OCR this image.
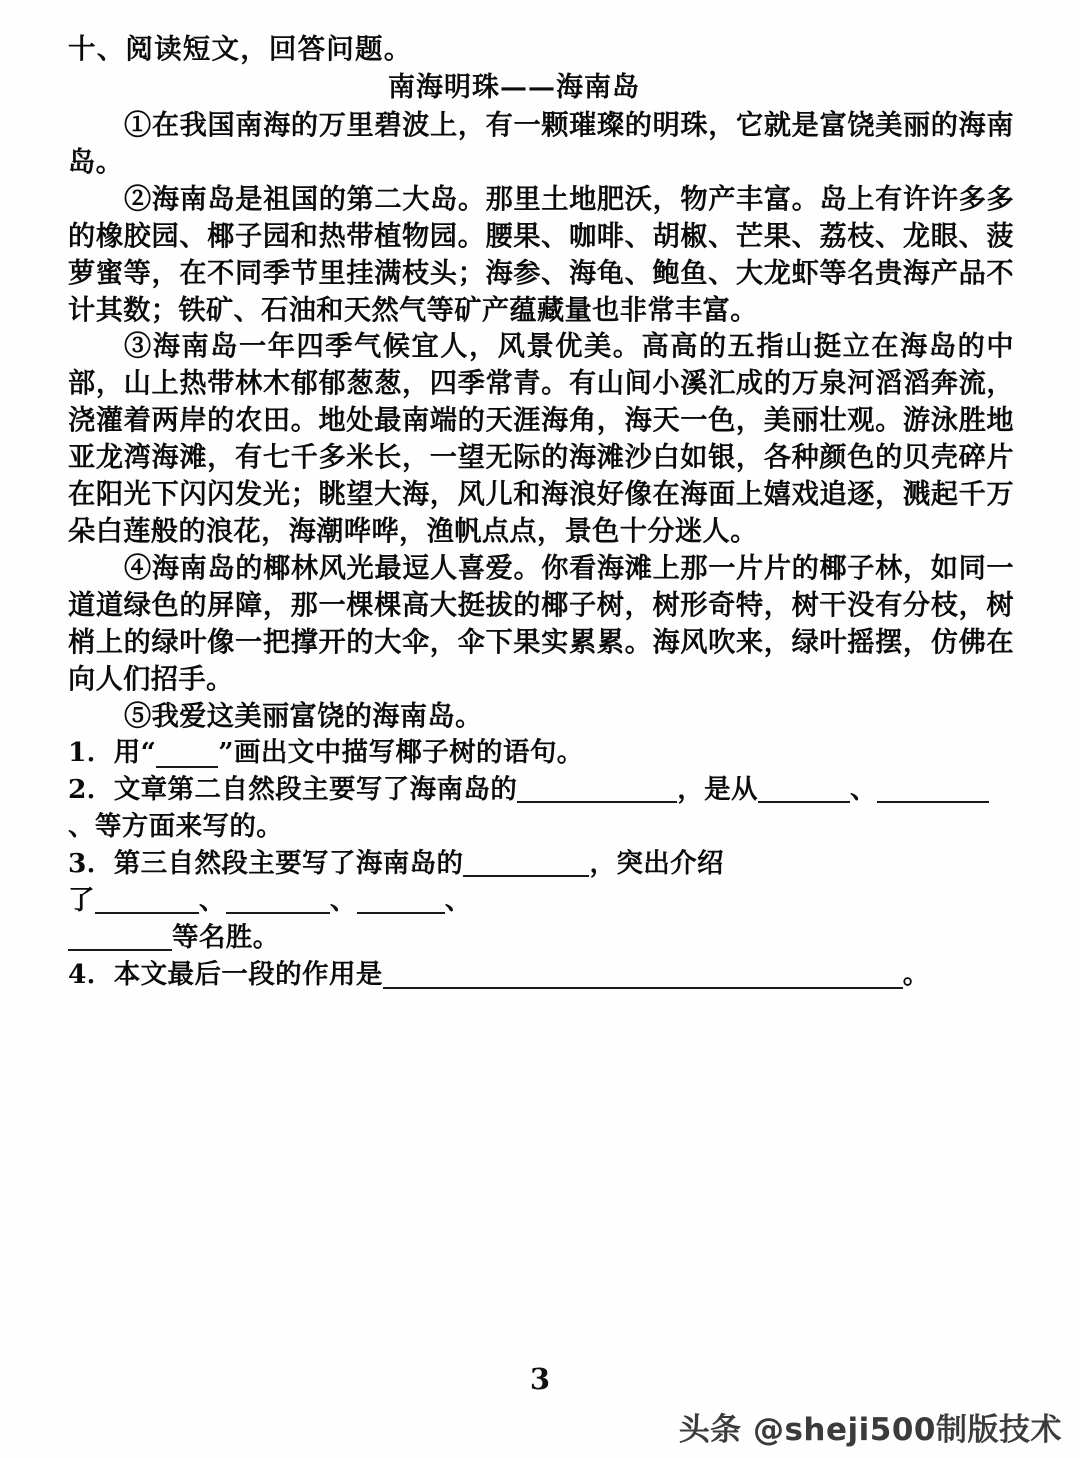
十、阅读短文，回答问题。
南海明珠——海南岛
①在我国南海的万里碧波上，有一颗璀璨的明珠，它就是富饶美丽的海南岛。
②海南岛是祖国的第二大岛。那里土地肥沃，物产丰富。岛上有许许多多的橡胶园、椰子园和热带植物园。腰果、咖啡、胡椒、芒果、荔枝、龙眼、菠萝蜜等，在不同季节里挂满枝头；海参、海龟、鲍鱼、大龙虾等名贵海产品不计其数；铁矿、石油和天然气等矿产蕴藏量也非常丰富。
③海南岛一年四季气候宜人，风景优美。高高的五指山挺立在海岛的中部，山上热带林木郁郁葱葱，四季常青。有山间小溪汇成的万泉河滔滔奔流，浇灌着两岸的农田。地处最南端的天涯海角，海天一色，美丽壮观。游泳胜地亚龙湾海滩，有七千多米长，一望无际的海滩沙白如银，各种颜色的贝壳碎片在阳光下闪闪发光；眺望大海，风儿和海浪好像在海面上嬉戏追逐，溅起千万朵白莲般的浪花，海潮哗哗，渔帆点点，景色十分迷人。
④海南岛的椰林风光最逗人喜爱。你看海滩上那一片片的椰子林，如同一道道绿色的屏障，那一棵棵高大挺拔的椰子树，树形奇特，树干没有分枝，树梢上的绿叶像一把撑开的大伞，伞下果实累累。海风吹来，绿叶摇摆，仿佛在向人们招手。
⑤我爱这美丽富饶的海南岛。
1．用“ ”画出文中描写椰子树的语句。
2．文章第二自然段主要写了海南岛的	，是从	、、等方面来写的。
3．第三自然段主要写了海南岛的	，突出介绍
了	、	、	、
等名胜。
4．本文最后一段的作用是	。
3
头条 @sheji500制版技术
